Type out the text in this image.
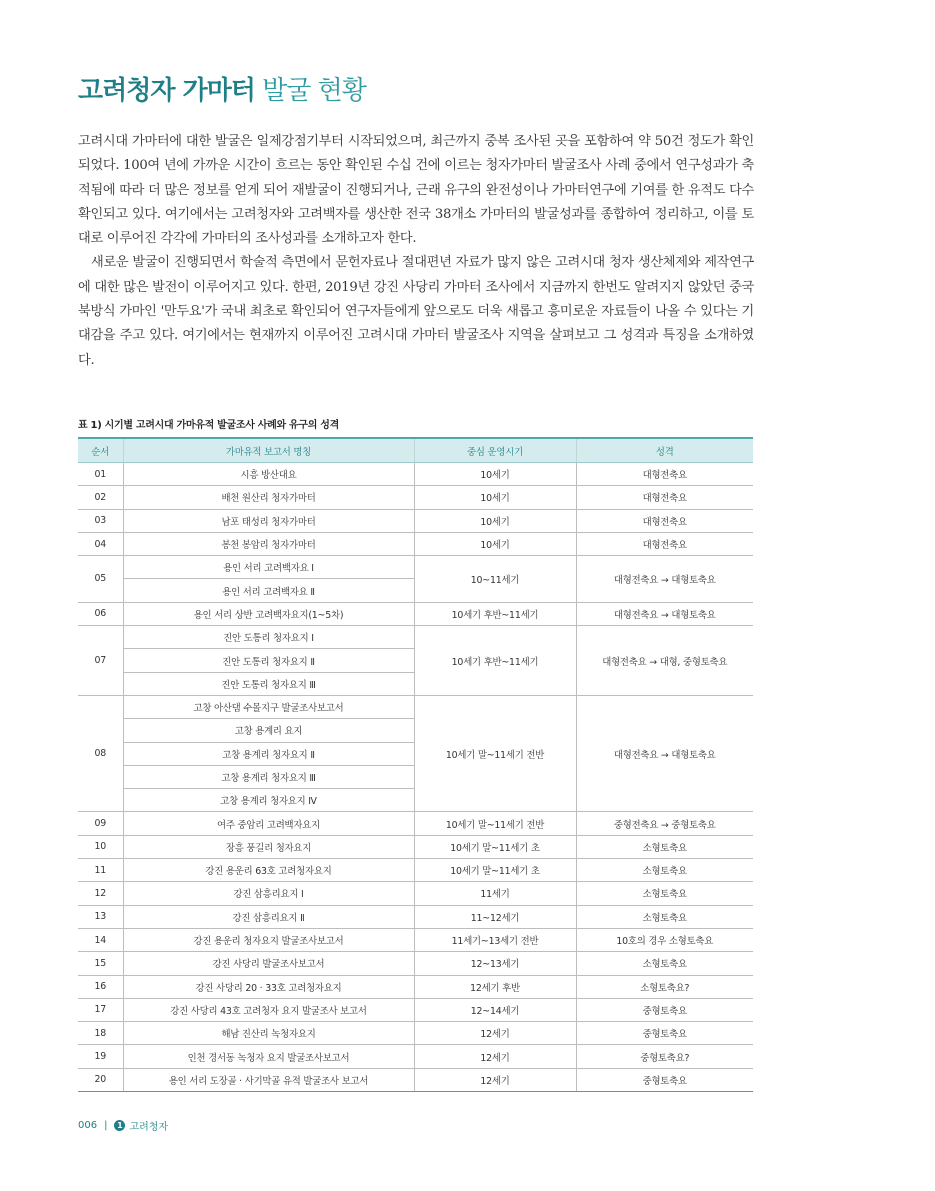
고려청자 가마터 발굴 현황

고려시대 가마터에 대한 발굴은 일제강점기부터 시작되었으며, 최근까지 중복 조사된 곳을 포함하여 약 50건 정도가 확인되었다. 100여 년에 가까운 시간이 흐르는 동안 확인된 수십 건에 이르는 청자가마터 발굴조사 사례 중에서 연구성과가 축적됨에 따라 더 많은 정보를 얻게 되어 재발굴이 진행되거나, 근래 유구의 완전성이나 가마터연구에 기여를 한 유적도 다수 확인되고 있다. 여기에서는 고려청자와 고려백자를 생산한 전국 38개소 가마터의 발굴성과를 종합하여 정리하고, 이를 토대로 이루어진 각각에 가마터의 조사성과를 소개하고자 한다.

새로운 발굴이 진행되면서 학술적 측면에서 문헌자료나 절대편년 자료가 많지 않은 고려시대 청자 생산체제와 제작연구에 대한 많은 발전이 이루어지고 있다. 한편, 2019년 강진 사당리 가마터 조사에서 지금까지 한번도 알려지지 않았던 중국 북방식 가마인 '만두요'가 국내 최초로 확인되어 연구자들에게 앞으로도 더욱 새롭고 흥미로운 자료들이 나올 수 있다는 기대감을 주고 있다. 여기에서는 현재까지 이루어진 고려시대 가마터 발굴조사 지역을 살펴보고 그 성격과 특징을 소개하였다.

표 1) 시기별 고려시대 가마유적 발굴조사 사례와 유구의 성격
순서	가마유적 보고서 명칭	중심 운영시기	성격
01	시흥 방산대요	10세기	대형전축요
02	배천 원산리 청자가마터	10세기	대형전축요
03	남포 태성리 청자가마터	10세기	대형전축요
04	봉천 봉암리 청자가마터	10세기	대형전축요
05	용인 서리 고려백자요 Ⅰ	10~11세기	대형전축요 → 대형토축요
	용인 서리 고려백자요 Ⅱ		
06	용인 서리 상반 고려백자요지(1~5차)	10세기 후반~11세기	대형전축요 → 대형토축요
07	진안 도통리 청자요지 Ⅰ	10세기 후반~11세기	대형전축요 → 대형, 중형토축요
	진안 도통리 청자요지 Ⅱ		
	진안 도통리 청자요지 Ⅲ		
08	고창 아산댐 수몰지구 발굴조사보고서	10세기 말~11세기 전반	대형전축요 → 대형토축요
	고창 용계리 요지		
	고창 용계리 청자요지 Ⅱ		
	고창 용계리 청자요지 Ⅲ		
	고창 용계리 청자요지 Ⅳ		
09	여주 중암리 고려백자요지	10세기 말~11세기 전반	중형전축요 → 중형토축요
10	장흥 풍길리 청자요지	10세기 말~11세기 초	소형토축요
11	강진 용운리 63호 고려청자요지	10세기 말~11세기 초	소형토축요
12	강진 삼흥리요지 Ⅰ	11세기	소형토축요
13	강진 삼흥리요지 Ⅱ	11~12세기	소형토축요
14	강진 용운리 청자요지 발굴조사보고서	11세기~13세기 전반	10호의 경우 소형토축요
15	강진 사당리 발굴조사보고서	12~13세기	소형토축요
16	강진 사당리 20 · 33호 고려청자요지	12세기 후반	소형토축요?
17	강진 사당리 43호 고려청자 요지 발굴조사 보고서	12~14세기	중형토축요
18	해남 진산리 녹청자요지	12세기	중형토축요
19	인천 경서동 녹청자 요지 발굴조사보고서	12세기	중형토축요?
20	용인 서리 도장골 · 사기막골 유적 발굴조사 보고서	12세기	중형토축요
006 |	1 고려청자
